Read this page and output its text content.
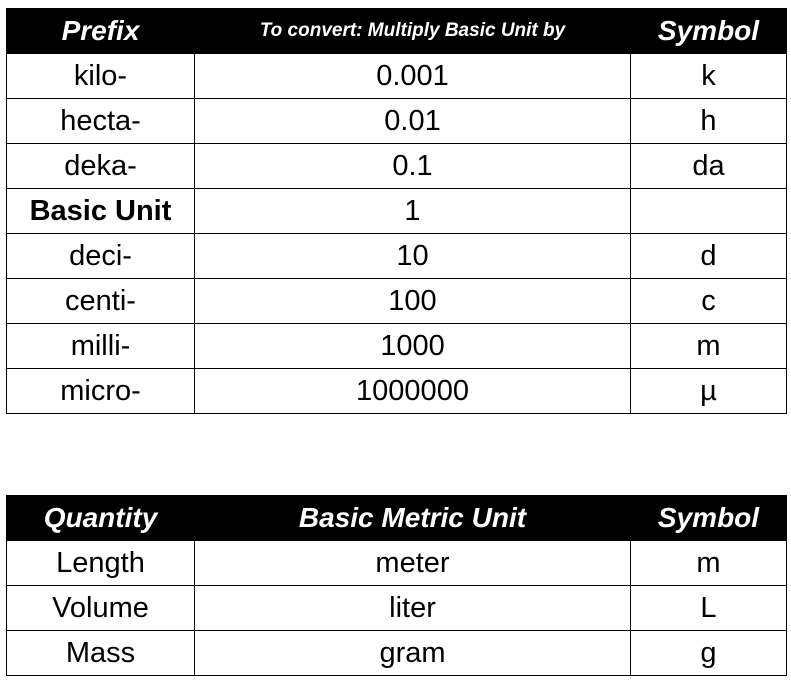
Prefix	To convert: Multiply Basic Unit by	Symbol
kilo-	0.001	k
hecta-	0.01	h
deka-	0.1	da
Basic Unit	1	
deci-	10	d
centi-	100	c
milli-	1000	m
micro-	1000000	µ
Quantity	Basic Metric Unit	Symbol
Length	meter	m
Volume	liter	L
Mass	gram	g
